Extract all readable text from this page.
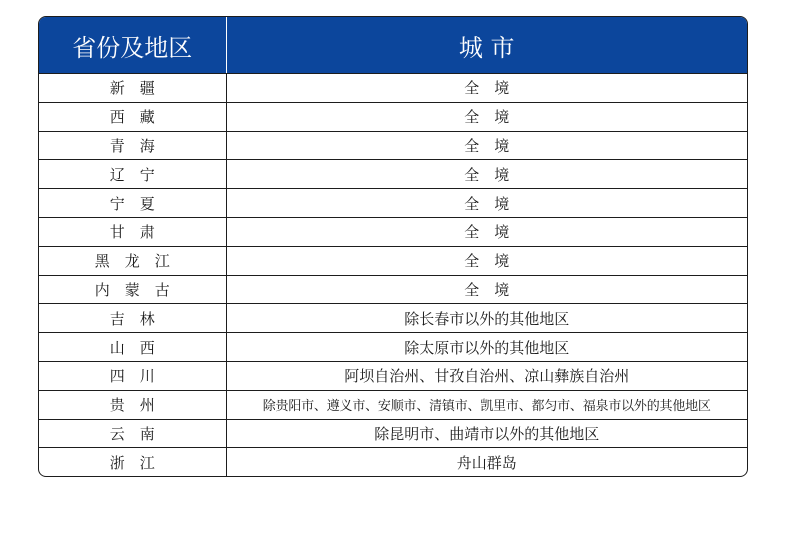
省份及地区	城 市
新　疆	全　境
西　藏	全　境
青　海	全　境
辽　宁	全　境
宁　夏	全　境
甘　肃	全　境
黑　龙　江	全　境
内　蒙　古	全　境
吉　林	除长春市以外的其他地区
山　西	除太原市以外的其他地区
四　川	阿坝自治州、甘孜自治州、凉山彝族自治州
贵　州	除贵阳市、遵义市、安顺市、清镇市、凯里市、都匀市、福泉市以外的其他地区
云　南	除昆明市、曲靖市以外的其他地区
浙　江	舟山群岛
